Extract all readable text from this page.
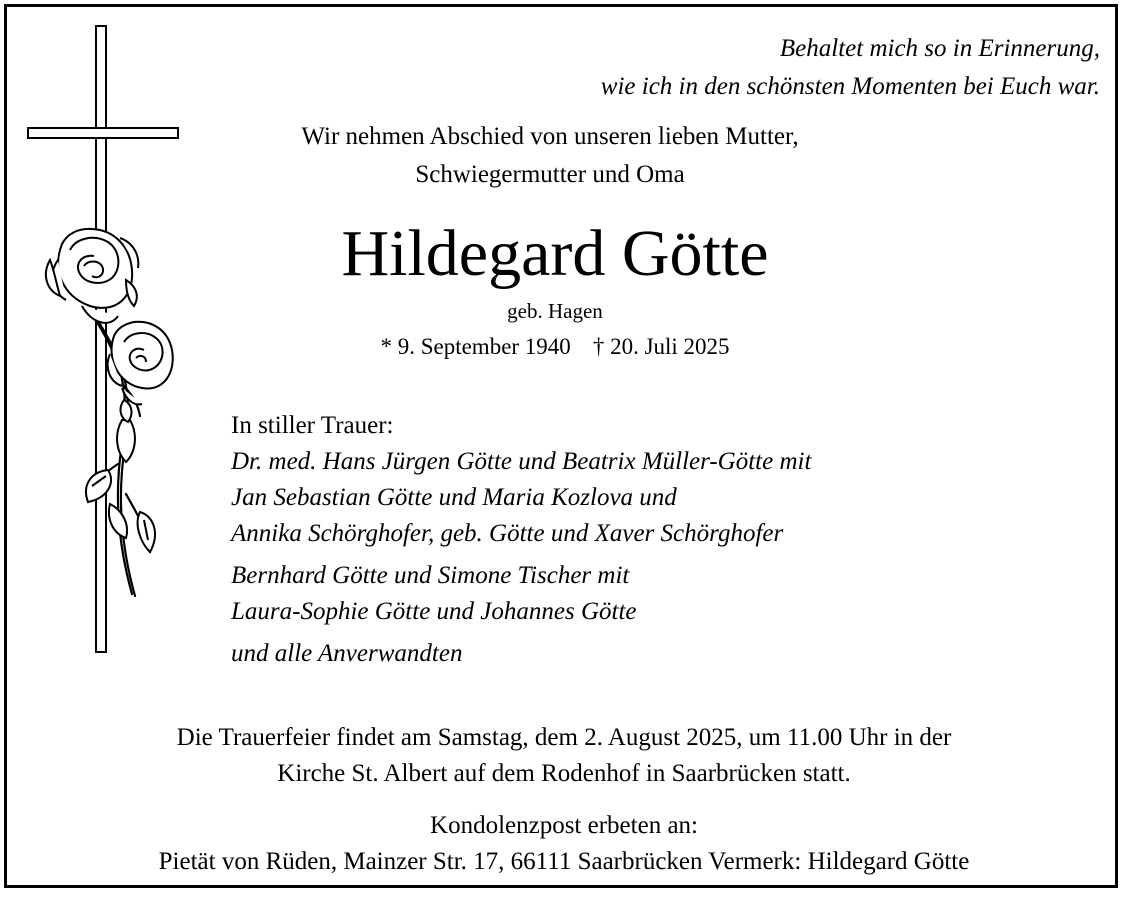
Behaltet mich so in Erinnerung,
wie ich in den schönsten Momenten bei Euch war.
Wir nehmen Abschied von unseren lieben Mutter,
Schwiegermutter und Oma
Hildegard Götte
geb. Hagen
* 9. September 1940 † 20. Juli 2025
In stiller Trauer:
Dr. med. Hans Jürgen Götte und Beatrix Müller-Götte mit
Jan Sebastian Götte und Maria Kozlova und
Annika Schörghofer, geb. Götte und Xaver Schörghofer
Bernhard Götte und Simone Tischer mit
Laura-Sophie Götte und Johannes Götte
und alle Anverwandten
Die Trauerfeier findet am Samstag, dem 2. August 2025, um 11.00 Uhr in der
Kirche St. Albert auf dem Rodenhof in Saarbrücken statt.
Kondolenzpost erbeten an:
Pietät von Rüden, Mainzer Str. 17, 66111 Saarbrücken Vermerk: Hildegard Götte
